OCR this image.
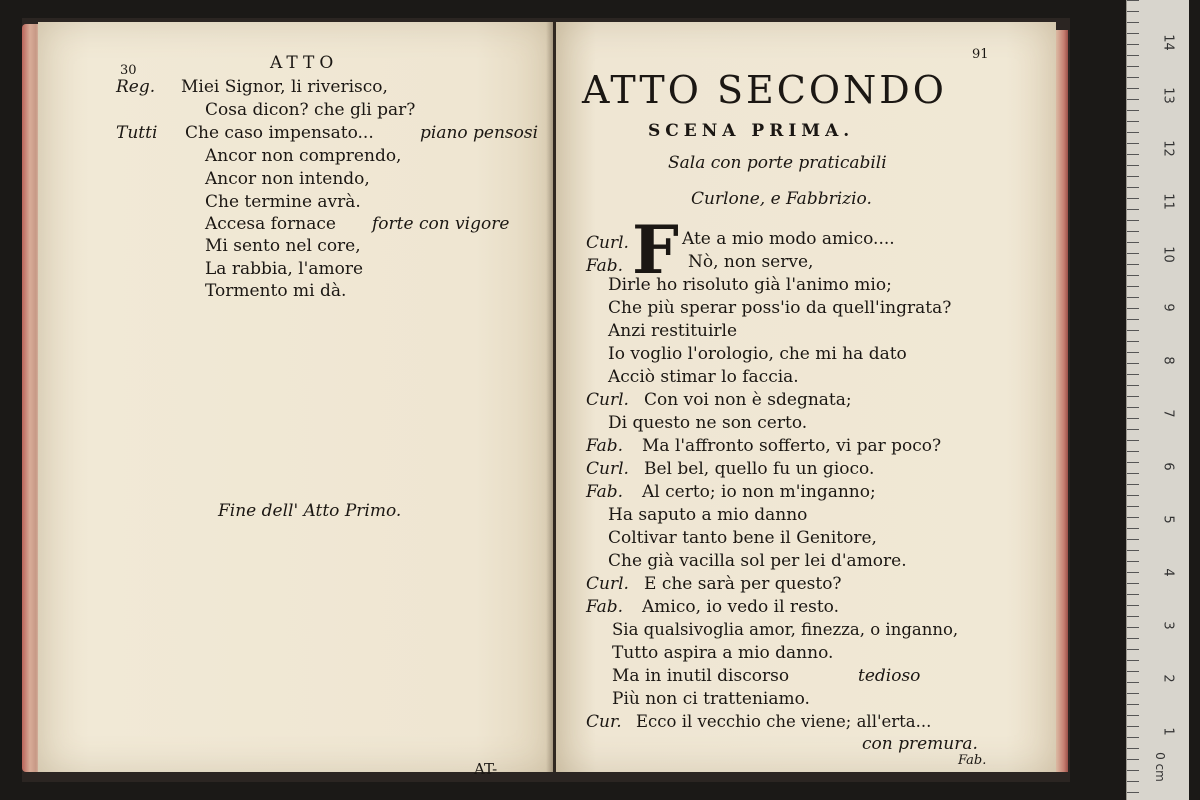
30	ATTO
Reg. Miei Signor, li riverisco,
Cosa dicon? che gli par?
Tutti Che caso impensato...	piano pensosi
Ancor non comprendo,
Ancor non intendo,
Che termine avrà.
Accesa fornace forte con vigore
Mi sento nel core,
La rabbia, l'amore
Tormento mi dà.
Fine dell' Atto Primo.
AT-
91
ATTO SECONDO
SCENA PRIMA.
Sala con porte praticabili
Curlone, e Fabbrizio.
F
Curl.	Ate a mio modo amico....
Fab.	Nò, non serve,
Dirle ho risoluto già l'animo mio;
Che più sperar poss'io da quell'ingrata?
Anzi restituirle
Io voglio l'orologio, che mi ha dato
Acciò stimar lo faccia.
Curl. Con voi non è sdegnata;
Di questo ne son certo.
Fab. Ma l'affronto sofferto, vi par poco?
Curl. Bel bel, quello fu un gioco.
Fab. Al certo; io non m'inganno;
Ha saputo a mio danno
Coltivar tanto bene il Genitore,
Che già vacilla sol per lei d'amore.
Curl. E che sarà per questo?
Fab. Amico, io vedo il resto.
Sia qualsivoglia amor, finezza, o inganno,
Tutto aspira a mio danno.
Ma in inutil discorso	tedioso
Più non ci tratteniamo.
Cur. Ecco il vecchio che viene; all'erta...
con premura.
Fab.	0 cm
1
2
3
4
5
6
7
8
9
10
11
12
13
14
